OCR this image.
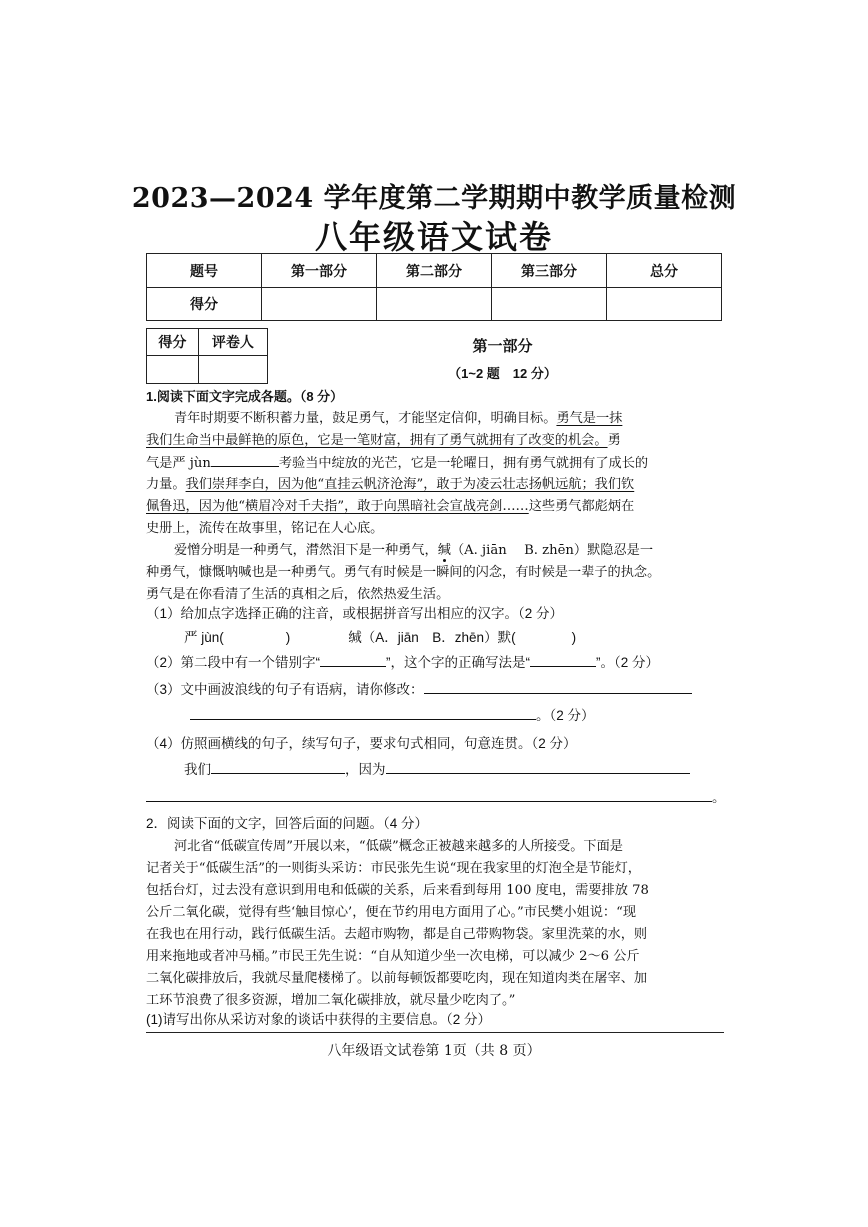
2023—2024 学年度第二学期期中教学质量检测
八年级语文试卷
题号	第一部分	第二部分	第三部分	总分
得分				
得分	评卷人
		第一部分
（1~2 题　12 分）
1.阅读下面文字完成各题。（8 分）
青年时期要不断积蓄力量，鼓足勇气，才能坚定信仰，明确目标。勇气是一抹
我们生命当中最鲜艳的原色，它是一笔财富，拥有了勇气就拥有了改变的机会。勇
气是严 jùn	考验当中绽放的光芒，它是一轮曜日，拥有勇气就拥有了成长的
力量。我们崇拜李白，因为他“直挂云帆济沧海”，敢于为凌云壮志扬帆远航；我们钦
佩鲁迅，因为他“横眉冷对千夫指”，敢于向黑暗社会宣战亮剑……这些勇气都彪炳在
史册上，流传在故事里，铭记在人心底。
爱憎分明是一种勇气，潸然泪下是一种勇气，缄（A. jiān　 B. zhēn）默隐忍是一
种勇气，慷慨呐喊也是一种勇气。勇气有时候是一瞬间的闪念，有时候是一辈子的执念。
勇气是在你看清了生活的真相之后，依然热爱生活。
（1）给加点字选择正确的注音，或根据拼音写出相应的汉字。（2 分）
严 jùn(	)	缄（A．jiān　B．zhēn）默(	)
（2）第二段中有一个错别字“	”，这个字的正确写法是“	”。（2 分）
（3）文中画波浪线的句子有语病，请你修改：
。（2 分）
（4）仿照画横线的句子，续写句子，要求句式相同，句意连贯。（2 分）
我们	，因为
。
2．阅读下面的文字，回答后面的问题。（4 分）
河北省“低碳宣传周”开展以来，“低碳”概念正被越来越多的人所接受。下面是
记者关于“低碳生活”的一则街头采访：市民张先生说“现在我家里的灯泡全是节能灯，
包括台灯，过去没有意识到用电和低碳的关系，后来看到每用 100 度电，需要排放 78
公斤二氧化碳，觉得有些‘触目惊心’，便在节约用电方面用了心。”市民樊小姐说：“现
在我也在用行动，践行低碳生活。去超市购物，都是自己带购物袋。家里洗菜的水，则
用来拖地或者冲马桶。”市民王先生说：“自从知道少坐一次电梯，可以减少 2～6 公斤
二氧化碳排放后，我就尽量爬楼梯了。以前每顿饭都要吃肉，现在知道肉类在屠宰、加
工环节浪费了很多资源，增加二氧化碳排放，就尽量少吃肉了。”
(1)请写出你从采访对象的谈话中获得的主要信息。（2 分）
八年级语文试卷第 1页（共 8 页）
